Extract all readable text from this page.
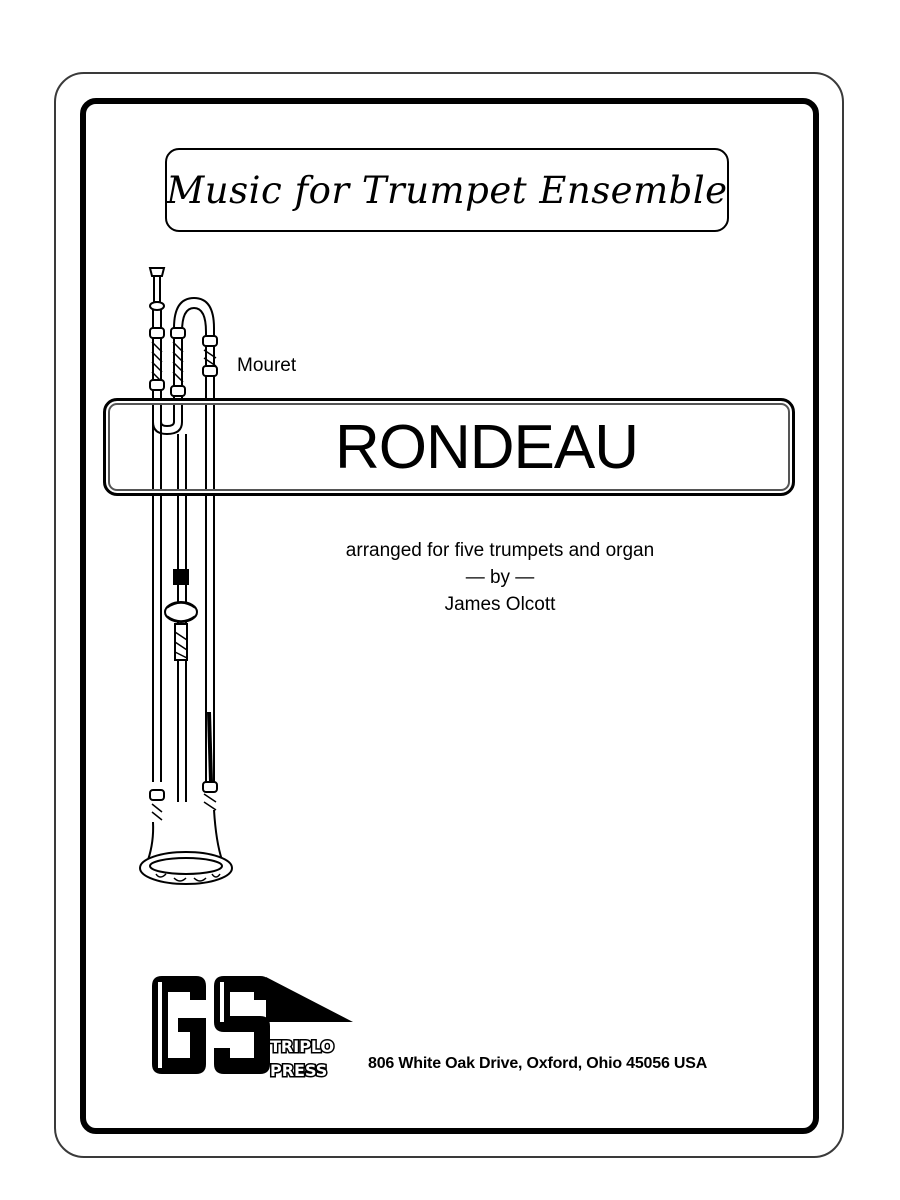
Music for Trumpet Ensemble
Mouret
RONDEAU
arranged for five trumpets and organ
— by —
James Olcott
TRIPLO
PRESS	806 White Oak Drive, Oxford, Ohio 45056 USA
